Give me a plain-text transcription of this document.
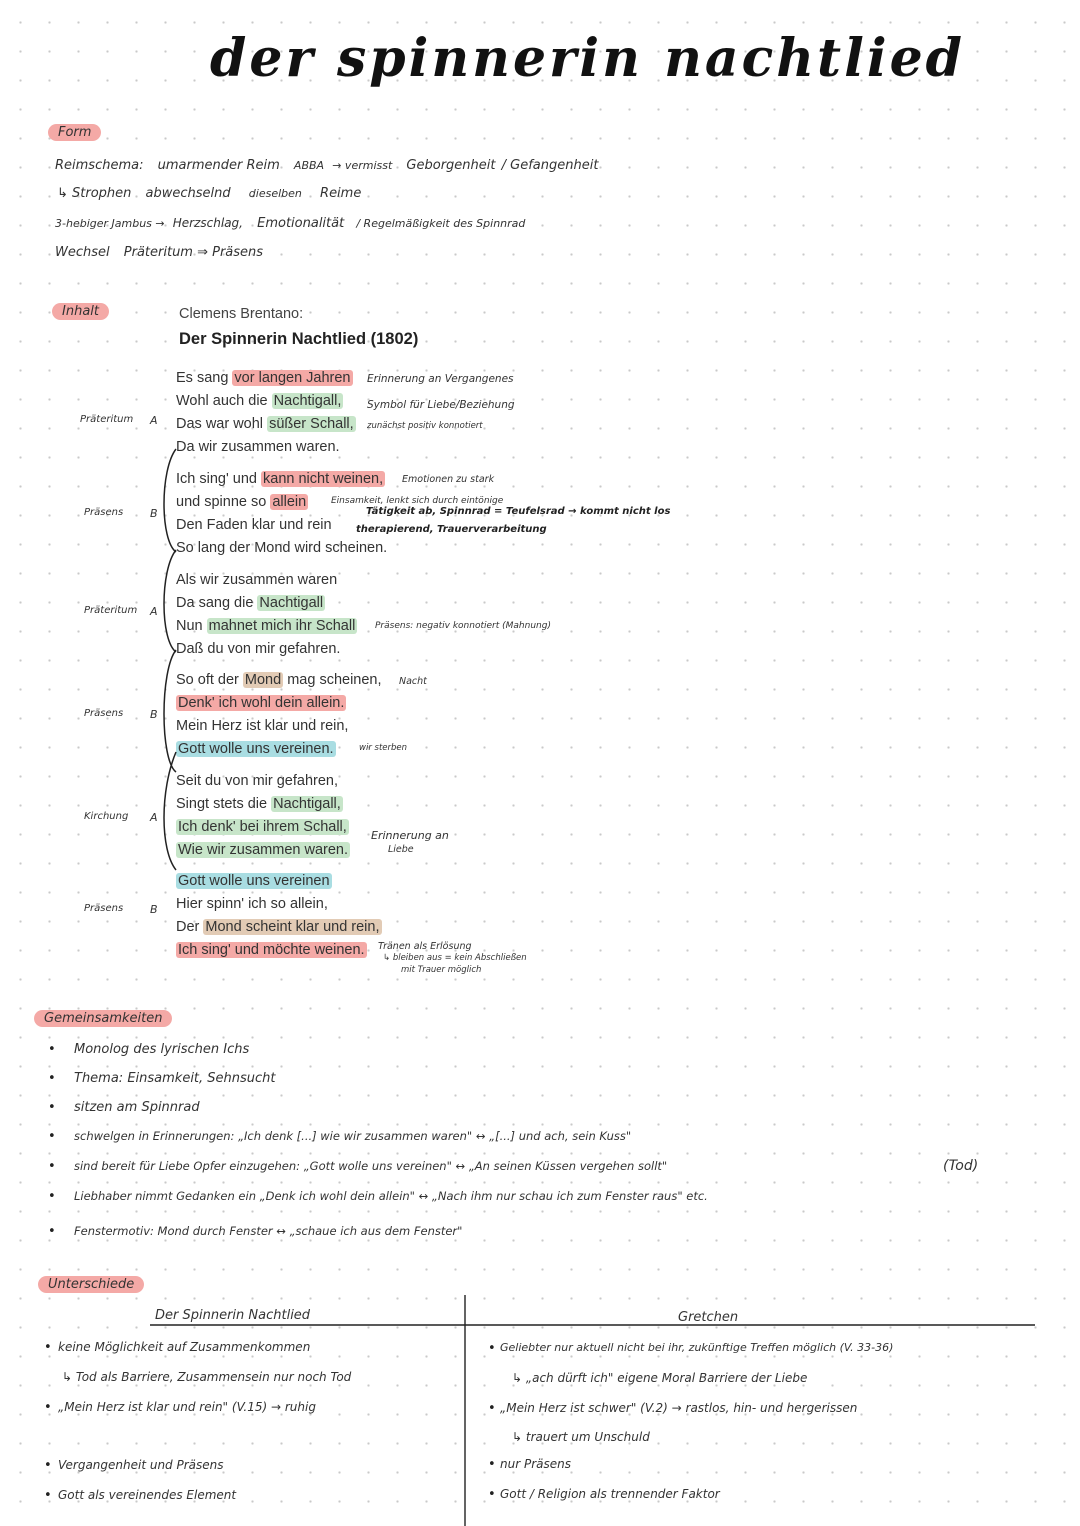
der spinnerin nachtlied
Form
Reimschema: umarmender Reim ABBA → vermisst Geborgenheit / Gefangenheit
↳ Strophen abwechselnd dieselben Reime
3-hebiger Jambus → Herzschlag, Emotionalität / Regelmäßigkeit des Spinnrad
Wechsel Präteritum ⇒ Präsens
Inhalt	Clemens Brentano:
Der Spinnerin Nachtlied (1802)
Präteritum A
Es sang vor langen Jahren
Wohl auch die Nachtigall,
Das war wohl süßer Schall,
Da wir zusammen waren.
Präsens B
Ich sing' und kann nicht weinen,
und spinne so allein
Den Faden klar und rein
So lang der Mond wird scheinen.
Präteritum A
Als wir zusammen waren
Da sang die Nachtigall
Nun mahnet mich ihr Schall
Daß du von mir gefahren.
Präsens B
So oft der Mond mag scheinen,
Denk' ich wohl dein allein.
Mein Herz ist klar und rein,
Gott wolle uns vereinen.
Kirchung A
Seit du von mir gefahren,
Singt stets die Nachtigall,
Ich denk' bei ihrem Schall,
Wie wir zusammen waren.
Präsens B
Gott wolle uns vereinen
Hier spinn' ich so allein,
Der Mond scheint klar und rein,
Ich sing' und möchte weinen.
Erinnerung an Vergangenes
Symbol für Liebe/Beziehung
zunächst positiv konnotiert
Emotionen zu stark
Einsamkeit, lenkt sich durch eintönige
Tätigkeit ab, Spinnrad = Teufelsrad → kommt nicht los
therapierend, Trauerverarbeitung
Präsens: negativ konnotiert (Mahnung)
Nacht
wir sterben
Erinnerung an
Liebe
Tränen als Erlösung
↳ bleiben aus = kein Abschließen
mit Trauer möglich
Gemeinsamkeiten
• Monolog des lyrischen Ichs
• Thema: Einsamkeit, Sehnsucht
• sitzen am Spinnrad
• schwelgen in Erinnerungen: „Ich denk [...] wie wir zusammen waren" ↔ „[...] und ach, sein Kuss"
• sind bereit für Liebe Opfer einzugehen: „Gott wolle uns vereinen" ↔ „An seinen Küssen vergehen sollt"
• Liebhaber nimmt Gedanken ein „Denk ich wohl dein allein" ↔ „Nach ihm nur schau ich zum Fenster raus" etc.
• Fenstermotiv: Mond durch Fenster ↔ „schaue ich aus dem Fenster"
(Tod)
Unterschiede
Der Spinnerin Nachtlied	Gretchen
• keine Möglichkeit auf Zusammenkommen
↳ Tod als Barriere, Zusammensein nur noch Tod
• „Mein Herz ist klar und rein" (V.15) → ruhig
• Vergangenheit und Präsens
• Gott als vereinendes Element
• Geliebter nur aktuell nicht bei ihr, zukünftige Treffen möglich (V. 33-36)
↳ „ach dürft ich" eigene Moral Barriere der Liebe
• „Mein Herz ist schwer" (V.2) → rastlos, hin- und hergerissen
↳ trauert um Unschuld
• nur Präsens
• Gott / Religion als trennender Faktor
